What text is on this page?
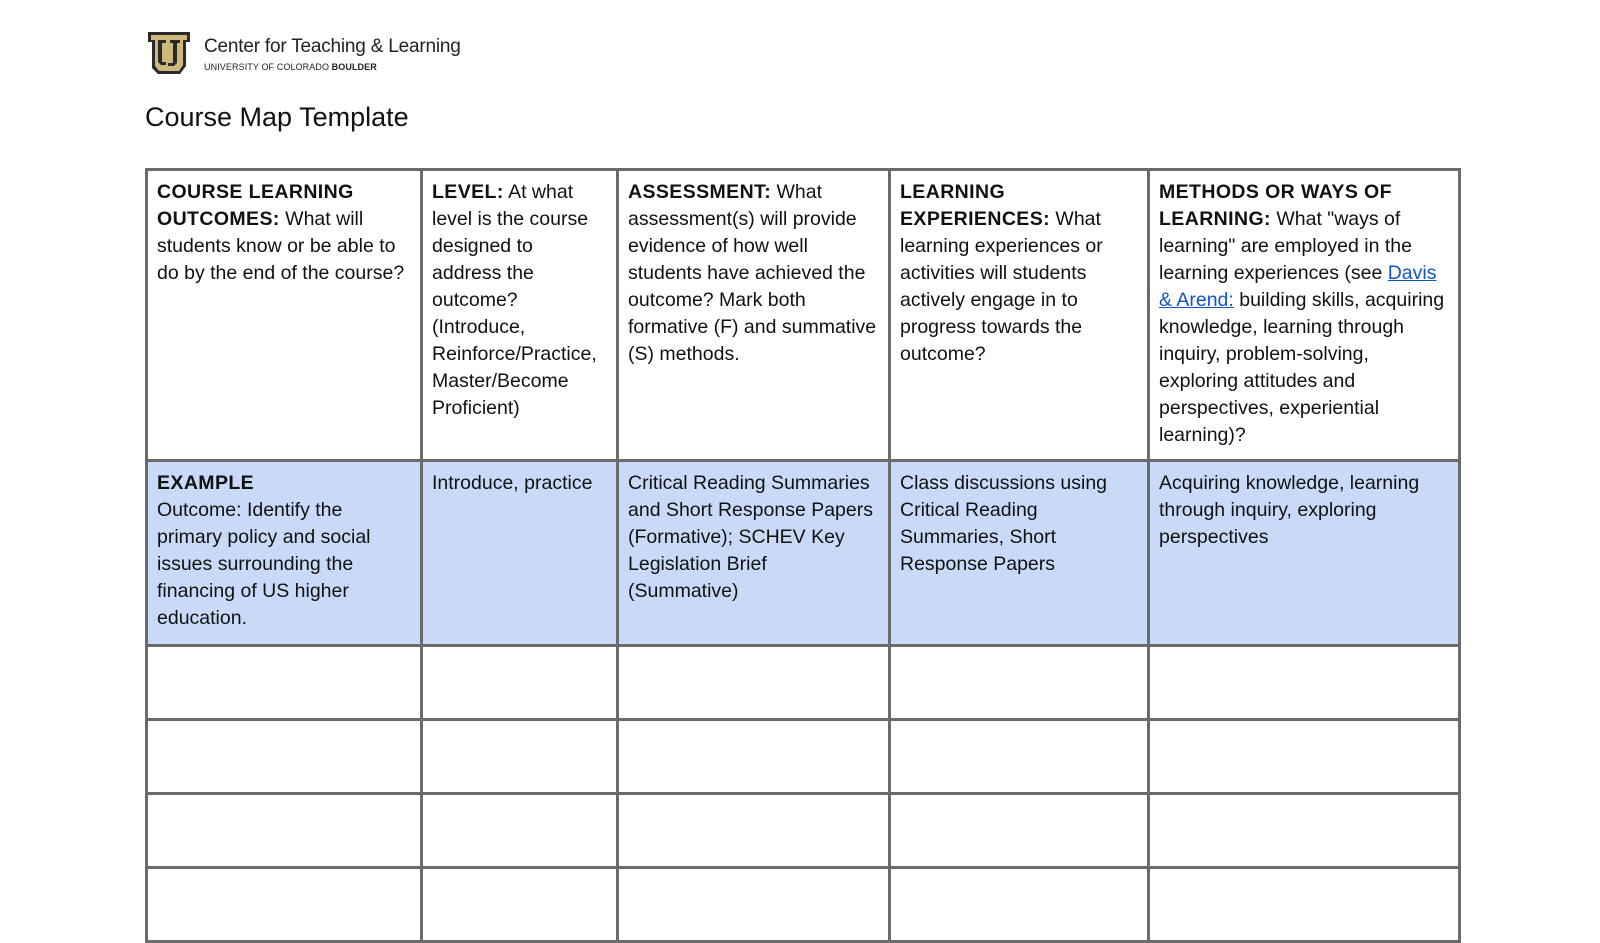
Center for Teaching & Learning
UNIVERSITY OF COLORADO BOULDER
Course Map Template
COURSE LEARNING OUTCOMES: What will students know or be able to do by the end of the course?	LEVEL: At what level is the course designed to address the outcome? (Introduce, Reinforce/Practice, Master/Become Proficient)	ASSESSMENT: What assessment(s) will provide evidence of how well students have achieved the outcome? Mark both formative (F) and summative (S) methods.	LEARNING EXPERIENCES: What learning experiences or activities will students actively engage in to progress towards the outcome?	METHODS OR WAYS OF LEARNING: What "ways of learning" are employed in the learning experiences (see Davis & Arend: building skills, acquiring knowledge, learning through inquiry, problem-solving, exploring attitudes and perspectives, experiential learning)?

EXAMPLE
Outcome: Identify the primary policy and social issues surrounding the financing of US higher education.	Introduce, practice	Critical Reading Summaries and Short Response Papers (Formative); SCHEV Key Legislation Brief (Summative)	Class discussions using Critical Reading Summaries, Short Response Papers	Acquiring knowledge, learning through inquiry, exploring perspectives
